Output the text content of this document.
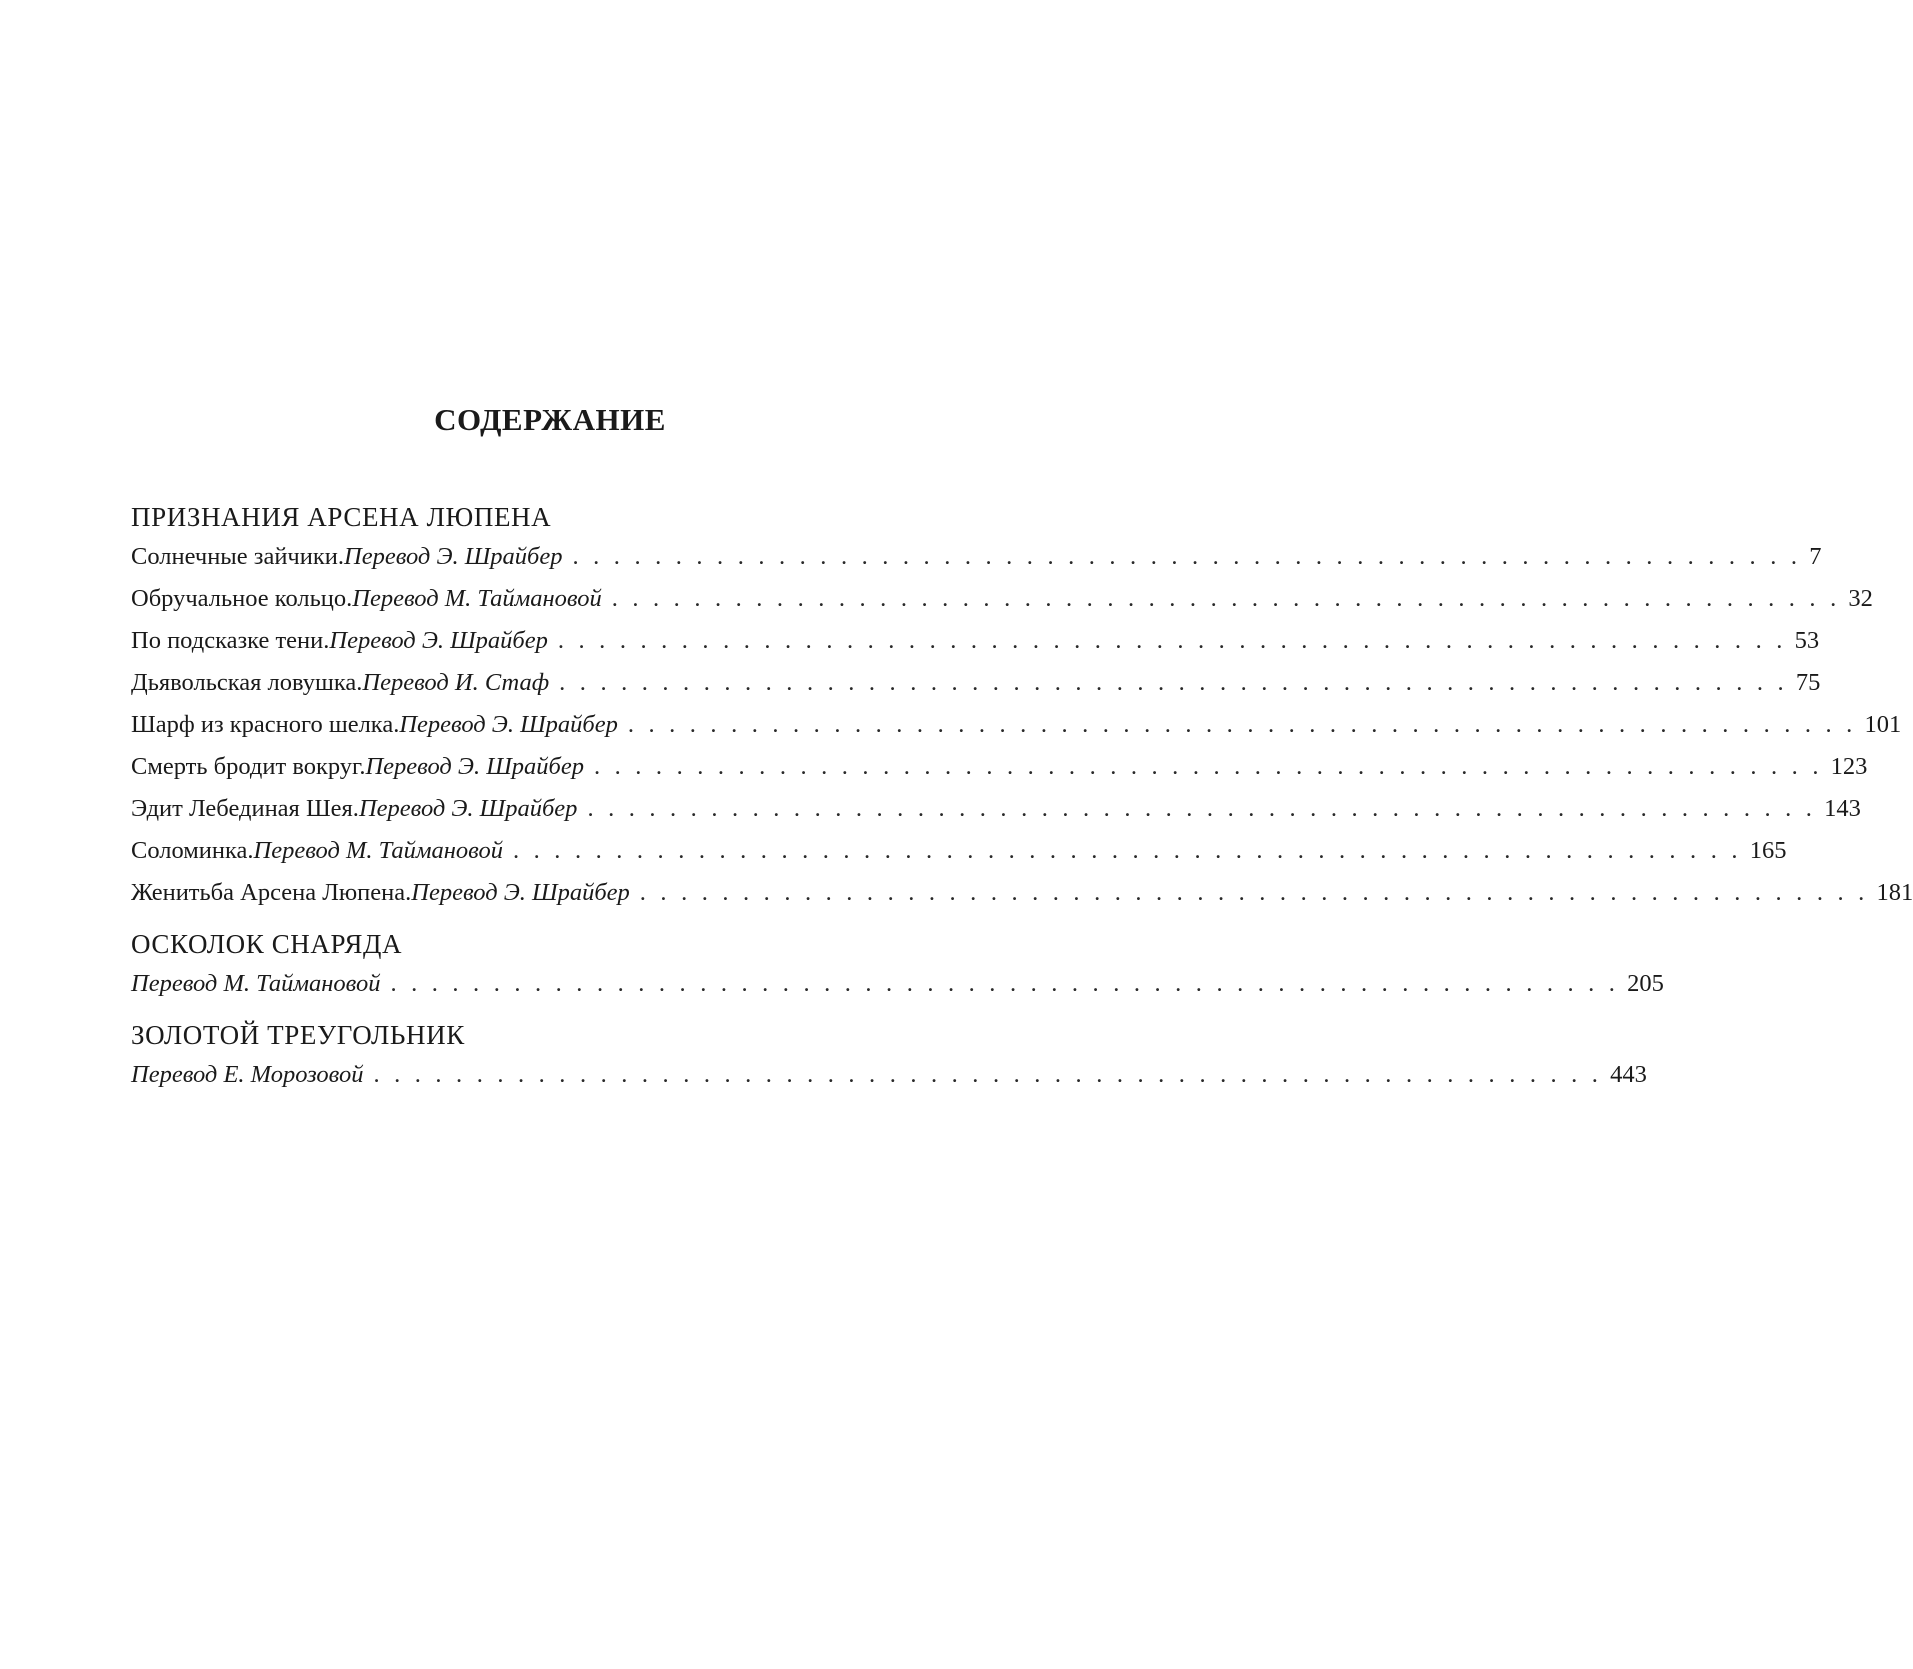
СОДЕРЖАНИЕ
ПРИЗНАНИЯ АРСЕНА ЛЮПЕНА
Солнечные зайчики. Перевод Э. Шрайбер . . . . . . . . . . . . . . . . . . . . . . . . . . . . . . . . . . . . . . . . . . . . . . . . . . . . . . . . . . . . 7
Обручальное кольцо. Перевод М. Таймановой . . . . . . . . . . . . . . . . . . . . . . . . . . . . . . . . . . . . . . . . . . . . . . . . . . . . . . . . . . . . 32
По подсказке тени. Перевод Э. Шрайбер . . . . . . . . . . . . . . . . . . . . . . . . . . . . . . . . . . . . . . . . . . . . . . . . . . . . . . . . . . . . 53
Дьявольская ловушка. Перевод И. Стаф . . . . . . . . . . . . . . . . . . . . . . . . . . . . . . . . . . . . . . . . . . . . . . . . . . . . . . . . . . . . 75
Шарф из красного шелка. Перевод Э. Шрайбер . . . . . . . . . . . . . . . . . . . . . . . . . . . . . . . . . . . . . . . . . . . . . . . . . . . . . . . . . . . . 101
Смерть бродит вокруг. Перевод Э. Шрайбер . . . . . . . . . . . . . . . . . . . . . . . . . . . . . . . . . . . . . . . . . . . . . . . . . . . . . . . . . . . . 123
Эдит Лебединая Шея. Перевод Э. Шрайбер . . . . . . . . . . . . . . . . . . . . . . . . . . . . . . . . . . . . . . . . . . . . . . . . . . . . . . . . . . . . 143
Соломинка. Перевод М. Таймановой . . . . . . . . . . . . . . . . . . . . . . . . . . . . . . . . . . . . . . . . . . . . . . . . . . . . . . . . . . . . 165
Женитьба Арсена Люпена. Перевод Э. Шрайбер . . . . . . . . . . . . . . . . . . . . . . . . . . . . . . . . . . . . . . . . . . . . . . . . . . . . . . . . . . . . 181
ОСКОЛОК СНАРЯДА
Перевод М. Таймановой . . . . . . . . . . . . . . . . . . . . . . . . . . . . . . . . . . . . . . . . . . . . . . . . . . . . . . . . . . . . 205
ЗОЛОТОЙ ТРЕУГОЛЬНИК
Перевод Е. Морозовой . . . . . . . . . . . . . . . . . . . . . . . . . . . . . . . . . . . . . . . . . . . . . . . . . . . . . . . . . . . . 443
